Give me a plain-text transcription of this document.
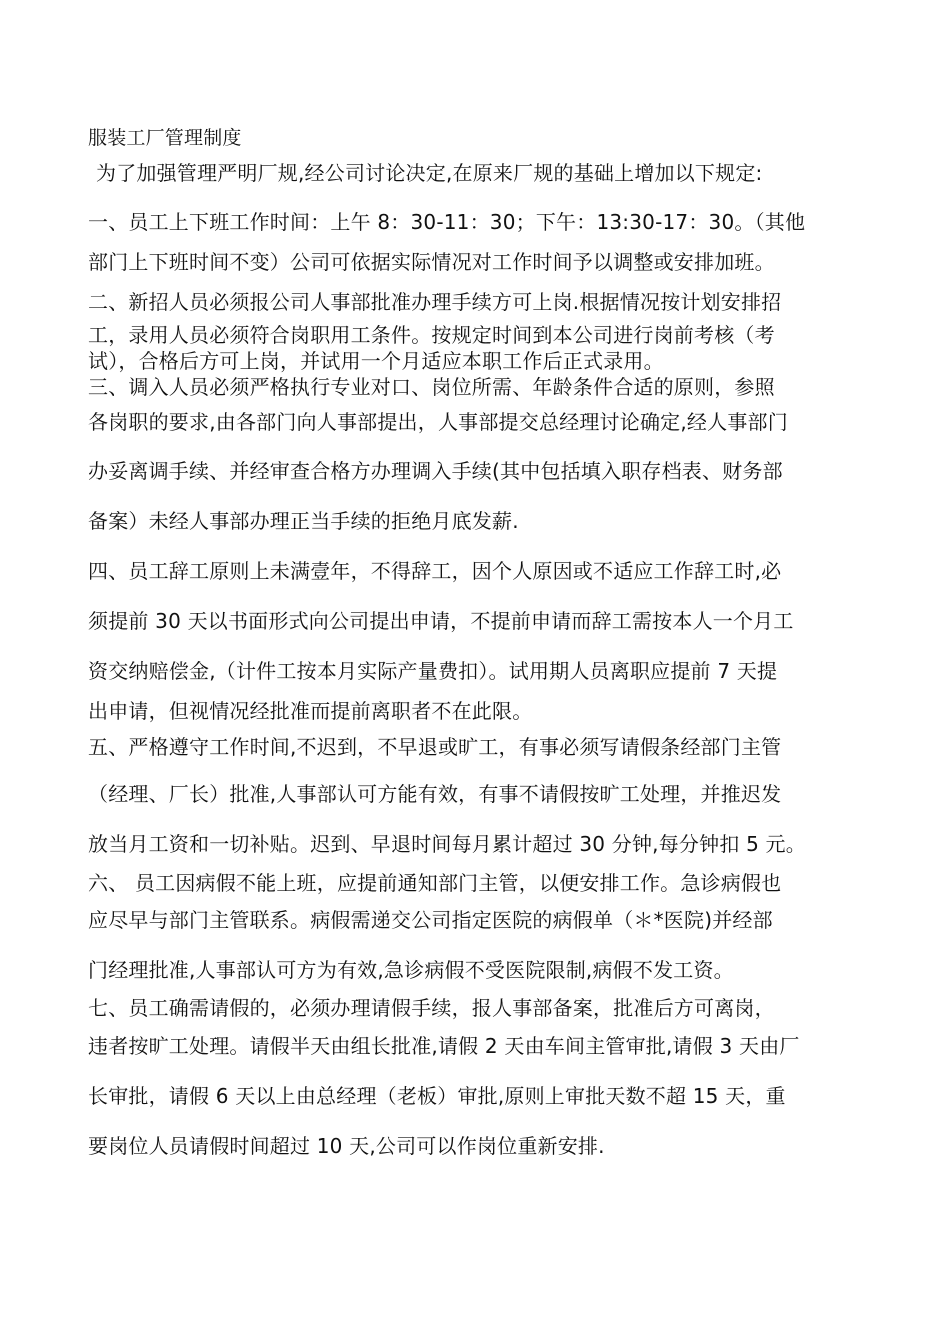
服装工厂管理制度
为了加强管理严明厂规,经公司讨论决定,在原来厂规的基础上增加以下规定:
一、员工上下班工作时间：上午 8：30-11：30；下午：13:30-17：30。（其他
部门上下班时间不变）公司可依据实际情况对工作时间予以调整或安排加班。
二、新招人员必须报公司人事部批准办理手续方可上岗.根据情况按计划安排招
工，录用人员必须符合岗职用工条件。按规定时间到本公司进行岗前考核（考
试），合格后方可上岗，并试用一个月适应本职工作后正式录用。
三、调入人员必须严格执行专业对口、岗位所需、年龄条件合适的原则，参照
各岗职的要求,由各部门向人事部提出，人事部提交总经理讨论确定,经人事部门
办妥离调手续、并经审查合格方办理调入手续(其中包括填入职存档表、财务部
备案）未经人事部办理正当手续的拒绝月底发薪.
四、员工辞工原则上未满壹年，不得辞工，因个人原因或不适应工作辞工时,必
须提前 30 天以书面形式向公司提出申请，不提前申请而辞工需按本人一个月工
资交纳赔偿金,（计件工按本月实际产量费扣）。试用期人员离职应提前 7 天提
出申请，但视情况经批准而提前离职者不在此限。
五、严格遵守工作时间,不迟到，不早退或旷工，有事必须写请假条经部门主管
（经理、厂长）批准,人事部认可方能有效，有事不请假按旷工处理，并推迟发
放当月工资和一切补贴。迟到、早退时间每月累计超过 30 分钟,每分钟扣 5 元。
六、 员工因病假不能上班，应提前通知部门主管，以便安排工作。急诊病假也
应尽早与部门主管联系。病假需递交公司指定医院的病假单（＊*医院)并经部
门经理批准,人事部认可方为有效,急诊病假不受医院限制,病假不发工资。
七、员工确需请假的，必须办理请假手续，报人事部备案，批准后方可离岗，
违者按旷工处理。请假半天由组长批准,请假 2 天由车间主管审批,请假 3 天由厂
长审批，请假 6 天以上由总经理（老板）审批,原则上审批天数不超 15 天，重
要岗位人员请假时间超过 10 天,公司可以作岗位重新安排.
